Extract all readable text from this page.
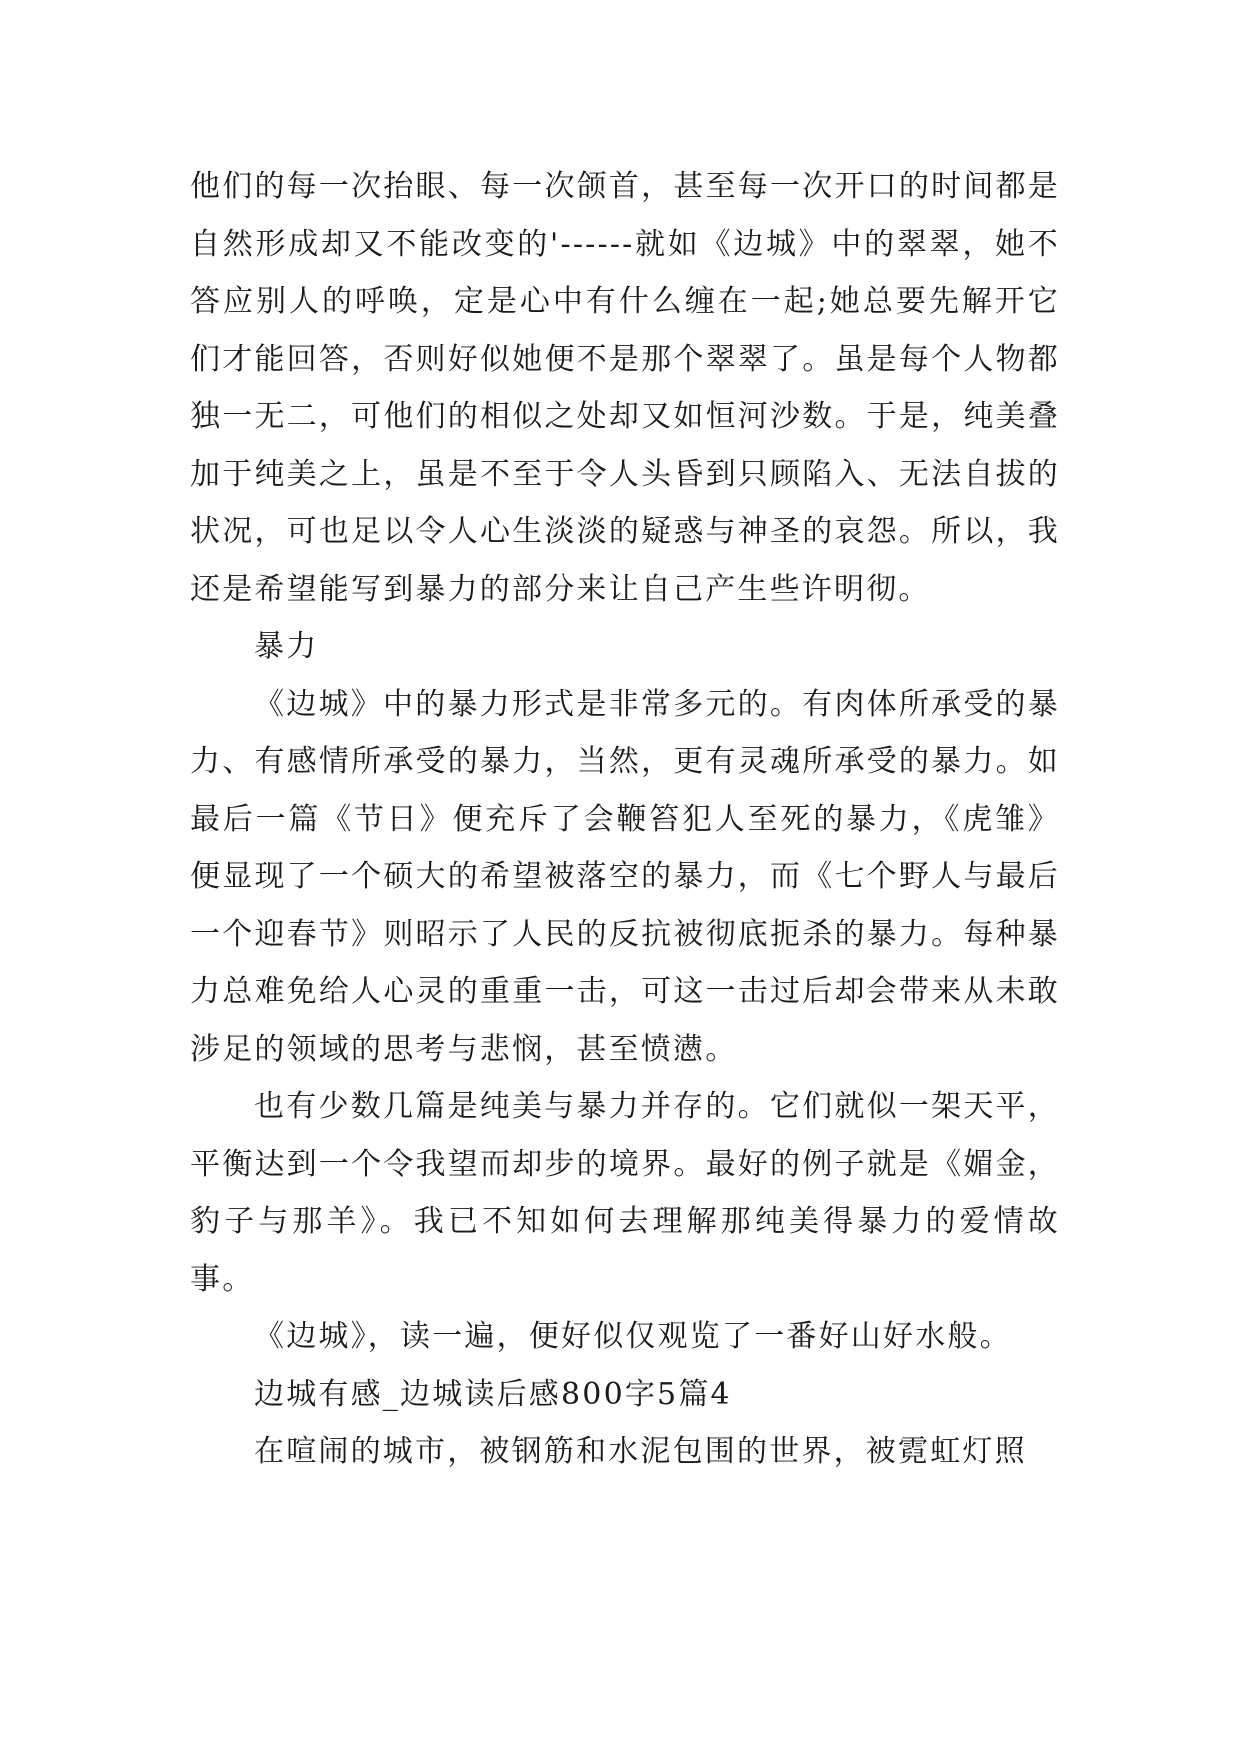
他们的每一次抬眼、每一次颌首，甚至每一次开口的时间都是自然形成却又不能改变的'------就如《边城》中的翠翠，她不答应别人的呼唤，定是心中有什么缠在一起;她总要先解开它们才能回答，否则好似她便不是那个翠翠了。虽是每个人物都独一无二，可他们的相似之处却又如恒河沙数。于是，纯美叠加于纯美之上，虽是不至于令人头昏到只顾陷入、无法自拔的状况，可也足以令人心生淡淡的疑惑与神圣的哀怨。所以，我还是希望能写到暴力的部分来让自己产生些许明彻。

暴力

《边城》中的暴力形式是非常多元的。有肉体所承受的暴力、有感情所承受的暴力，当然，更有灵魂所承受的暴力。如最后一篇《节日》便充斥了会鞭笞犯人至死的暴力，《虎雏》便显现了一个硕大的希望被落空的暴力，而《七个野人与最后一个迎春节》则昭示了人民的反抗被彻底扼杀的暴力。每种暴力总难免给人心灵的重重一击，可这一击过后却会带来从未敢涉足的领域的思考与悲悯，甚至愤懑。

也有少数几篇是纯美与暴力并存的。它们就似一架天平，平衡达到一个令我望而却步的境界。最好的例子就是《媚金，豹子与那羊》。我已不知如何去理解那纯美得暴力的爱情故事。

《边城》，读一遍，便好似仅观览了一番好山好水般。

边城有感_边城读后感800字5篇4

在喧闹的城市，被钢筋和水泥包围的世界，被霓虹灯照
